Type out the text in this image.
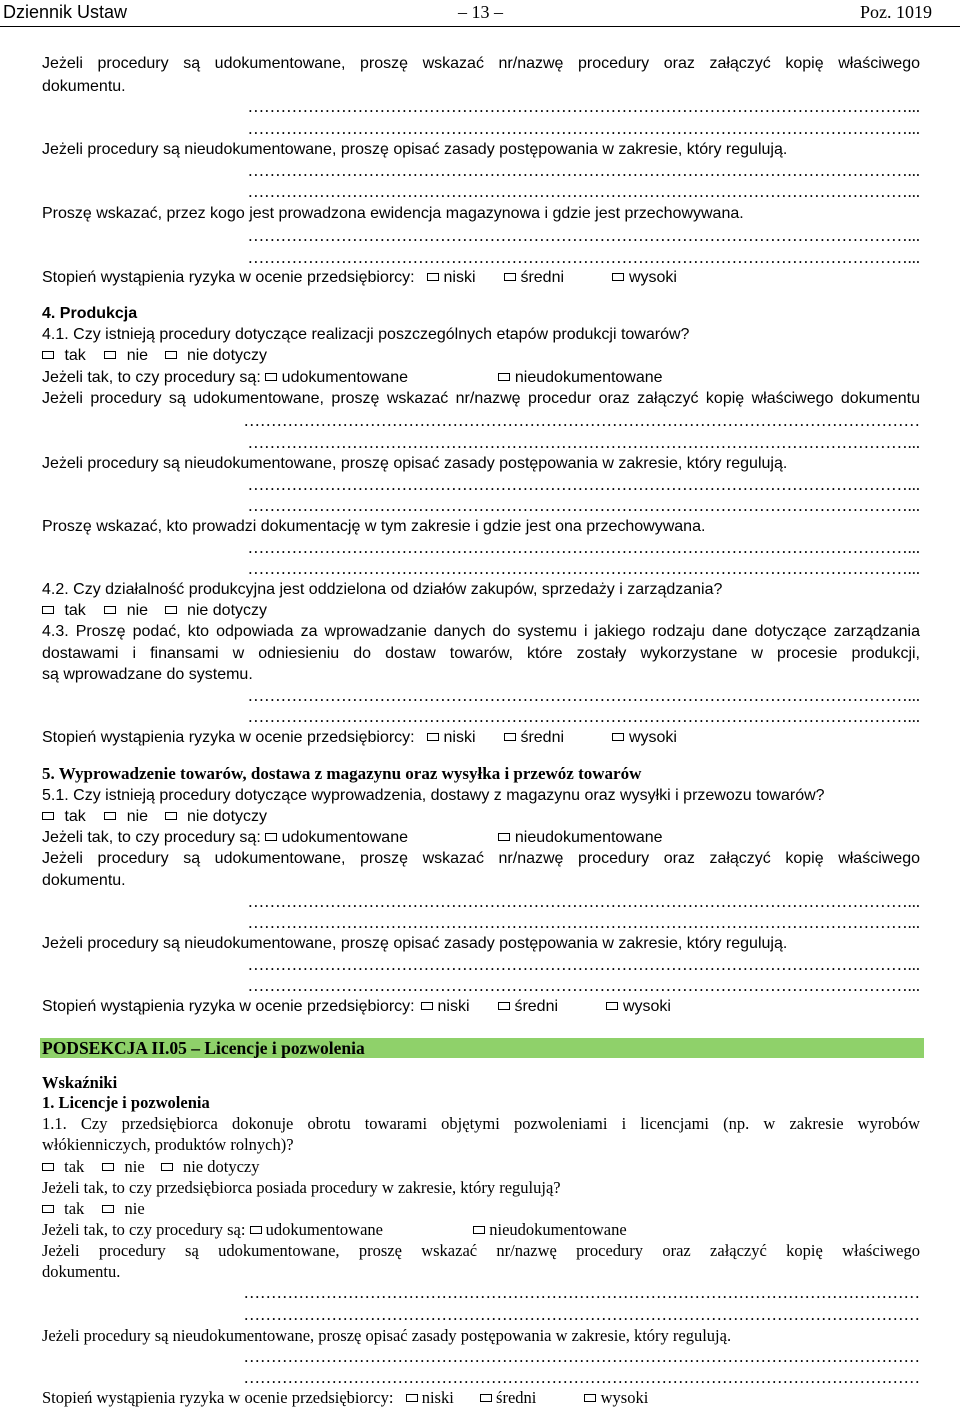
Dziennik Ustaw	– 13 –	Poz. 1019
Jeżeli procedury są udokumentowane, proszę wskazać nr/nazwę procedury oraz załączyć kopię właściwego
dokumentu.
…………………………………………………………………………………………………………...
…………………………………………………………………………………………………………...
Jeżeli procedury są nieudokumentowane, proszę opisać zasady postępowania w zakresie, który regulują.
…………………………………………………………………………………………………………...
…………………………………………………………………………………………………………...
Proszę wskazać, przez kogo jest prowadzona ewidencja magazynowa i gdzie jest przechowywana.
…………………………………………………………………………………………………………...
…………………………………………………………………………………………………………...
Stopień wystąpienia ryzyka w ocenie przedsiębiorcy: niski	średni	wysoki
4. Produkcja
4.1. Czy istnieją procedury dotyczące realizacji poszczególnych etapów produkcji towarów?
tak	nie nie dotyczy
Jeżeli tak, to czy procedury są: udokumentowane	nieudokumentowane
Jeżeli procedury są udokumentowane, proszę wskazać nr/nazwę procedur oraz załączyć kopię właściwego dokumentu
……………………………………………………………………………………………………………
…………………………………………………………………………………………………………...
Jeżeli procedury są nieudokumentowane, proszę opisać zasady postępowania w zakresie, który regulują.
…………………………………………………………………………………………………………...
…………………………………………………………………………………………………………...
Proszę wskazać, kto prowadzi dokumentację w tym zakresie i gdzie jest ona przechowywana.
…………………………………………………………………………………………………………...
…………………………………………………………………………………………………………...
4.2. Czy działalność produkcyjna jest oddzielona od działów zakupów, sprzedaży i zarządzania?
tak	nie nie dotyczy
4.3. Proszę podać, kto odpowiada za wprowadzanie danych do systemu i jakiego rodzaju dane dotyczące zarządzania
dostawami i finansami w odniesieniu do dostaw towarów, które zostały wykorzystane w procesie produkcji,
są wprowadzane do systemu.
…………………………………………………………………………………………………………...
…………………………………………………………………………………………………………...
Stopień wystąpienia ryzyka w ocenie przedsiębiorcy: niski	średni	wysoki
5. Wyprowadzenie towarów, dostawa z magazynu oraz wysyłka i przewóz towarów
5.1. Czy istnieją procedury dotyczące wyprowadzenia, dostawy z magazynu oraz wysyłki i przewozu towarów?
tak	nie nie dotyczy
Jeżeli tak, to czy procedury są: udokumentowane	nieudokumentowane
Jeżeli procedury są udokumentowane, proszę wskazać nr/nazwę procedury oraz załączyć kopię właściwego
dokumentu.
…………………………………………………………………………………………………………...
…………………………………………………………………………………………………………...
Jeżeli procedury są nieudokumentowane, proszę opisać zasady postępowania w zakresie, który regulują.
…………………………………………………………………………………………………………...
…………………………………………………………………………………………………………...
Stopień wystąpienia ryzyka w ocenie przedsiębiorcy: niski	średni	wysoki
PODSEKCJA II.05 – Licencje i pozwolenia
Wskaźniki
1. Licencje i pozwolenia
1.1. Czy przedsiębiorca dokonuje obrotu towarami objętymi pozwoleniami i licencjami (np. w zakresie wyrobów
włókienniczych, produktów rolnych)?
tak nie nie dotyczy
Jeżeli tak, to czy przedsiębiorca posiada procedury w zakresie, który regulują?
tak nie
Jeżeli tak, to czy procedury są: udokumentowane	nieudokumentowane
Jeżeli procedury są udokumentowane, proszę wskazać nr/nazwę procedury oraz załączyć kopię właściwego
dokumentu.
……………………………………………………………………………………………………………
……………………………………………………………………………………………………………
Jeżeli procedury są nieudokumentowane, proszę opisać zasady postępowania w zakresie, który regulują.
……………………………………………………………………………………………………………
……………………………………………………………………………………………………………
Stopień wystąpienia ryzyka w ocenie przedsiębiorcy: niski	średni	wysoki
